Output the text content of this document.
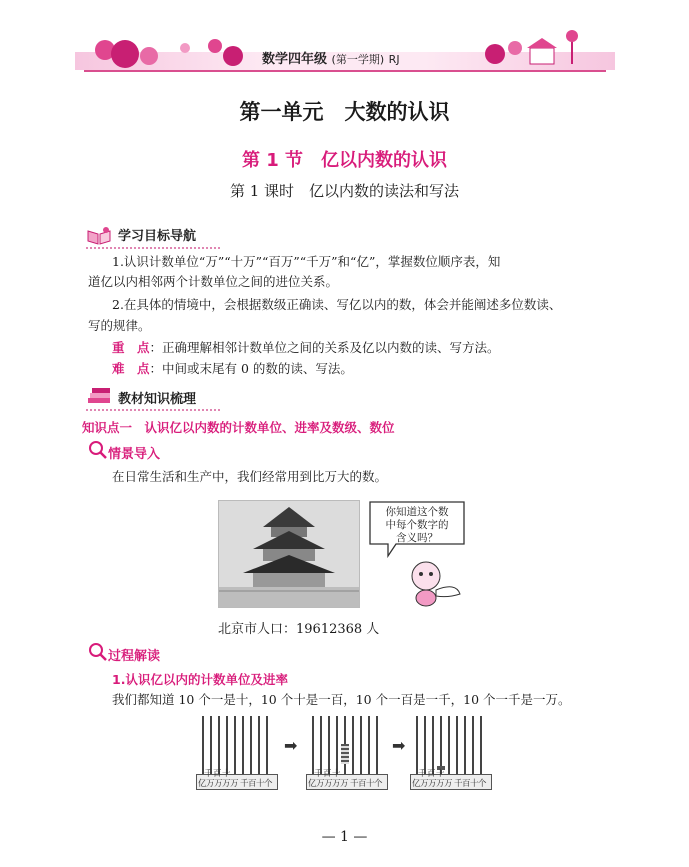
数学四年级 (第一学期) RJ
第一单元　大数的认识
第 1 节　亿以内数的认识
第 1 课时　亿以内数的读法和写法
学习目标导航
1.认识计数单位“万”“十万”“百万”“千万”和“亿”，掌握数位顺序表，知
道亿以内相邻两个计数单位之间的进位关系。
2.在具体的情境中，会根据数级正确读、写亿以内的数，体会并能阐述多位数读、
写的规律。
重　点：正确理解相邻计数单位之间的关系及亿以内数的读、写方法。
难　点：中间或末尾有 0 的数的读、写法。
教材知识梳理
知识点一　认识亿以内数的计数单位、进率及数级、数位
情景导入
在日常生活和生产中，我们经常用到比万大的数。
你知道这个数
中每个数字的
含义吗？
北京市人口：19612368 人
过程解读
1.认识亿以内的计数单位及进率
我们都知道 10 个一是十，10 个十是一百，10 个一百是一千，10 个一千是一万。
亿 万 万 万 万 千 百 十 个
千 百 十
➡
亿 万 万 万 万 千 百 十 个
千 百 十
➡
亿 万 万 万 万 千 百 十 个
千 百 十
— 1 —
